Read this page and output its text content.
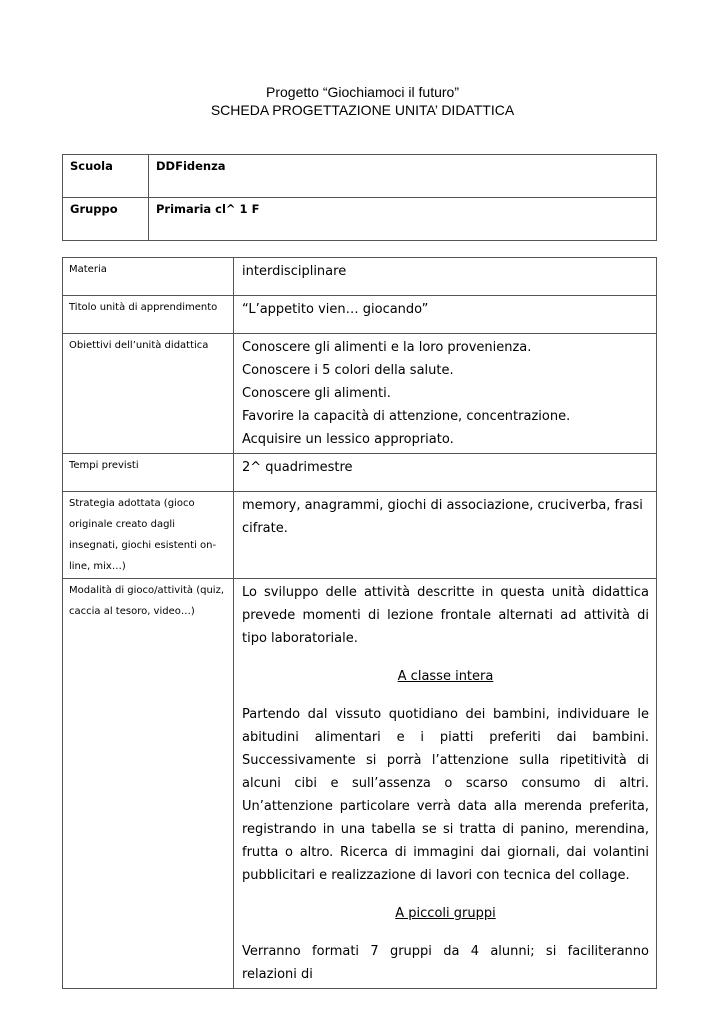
Progetto “Giochiamoci il futuro”
SCHEDA PROGETTAZIONE UNITA’ DIDATTICA
Scuola	DDFidenza
Gruppo	Primaria cl^ 1 F
Materia	interdisciplinare
Titolo unità di apprendimento	“L’appetito vien… giocando”
Obiettivi dell’unità didattica	Conoscere gli alimenti e la loro provenienza.
Conoscere i 5 colori della salute.
Conoscere gli alimenti.
Favorire la capacità di attenzione, concentrazione.
Acquisire un lessico appropriato.

Tempi previsti	2^ quadrimestre
Strategia adottata (gioco originale creato dagli insegnati, giochi esistenti on-line, mix…)	memory, anagrammi, giochi di associazione, cruciverba, frasi cifrate.
Modalità di gioco/attività (quiz, caccia al tesoro, video…)	Lo sviluppo delle attività descritte in questa unità didattica prevede momenti di lezione frontale alternati ad attività di tipo laboratoriale.
A classe intera
Partendo dal vissuto quotidiano dei bambini, individuare le abitudini alimentari e i piatti preferiti dai bambini. Successivamente si porrà l’attenzione sulla ripetitività di alcuni cibi e sull’assenza o scarso consumo di altri. Un’attenzione particolare verrà data alla merenda preferita, registrando in una tabella se si tratta di panino, merendina, frutta o altro. Ricerca di immagini dai giornali, dai volantini pubblicitari e realizzazione di lavori con tecnica del collage.
A piccoli gruppi
Verranno formati 7 gruppi da 4 alunni; si faciliteranno relazioni di
